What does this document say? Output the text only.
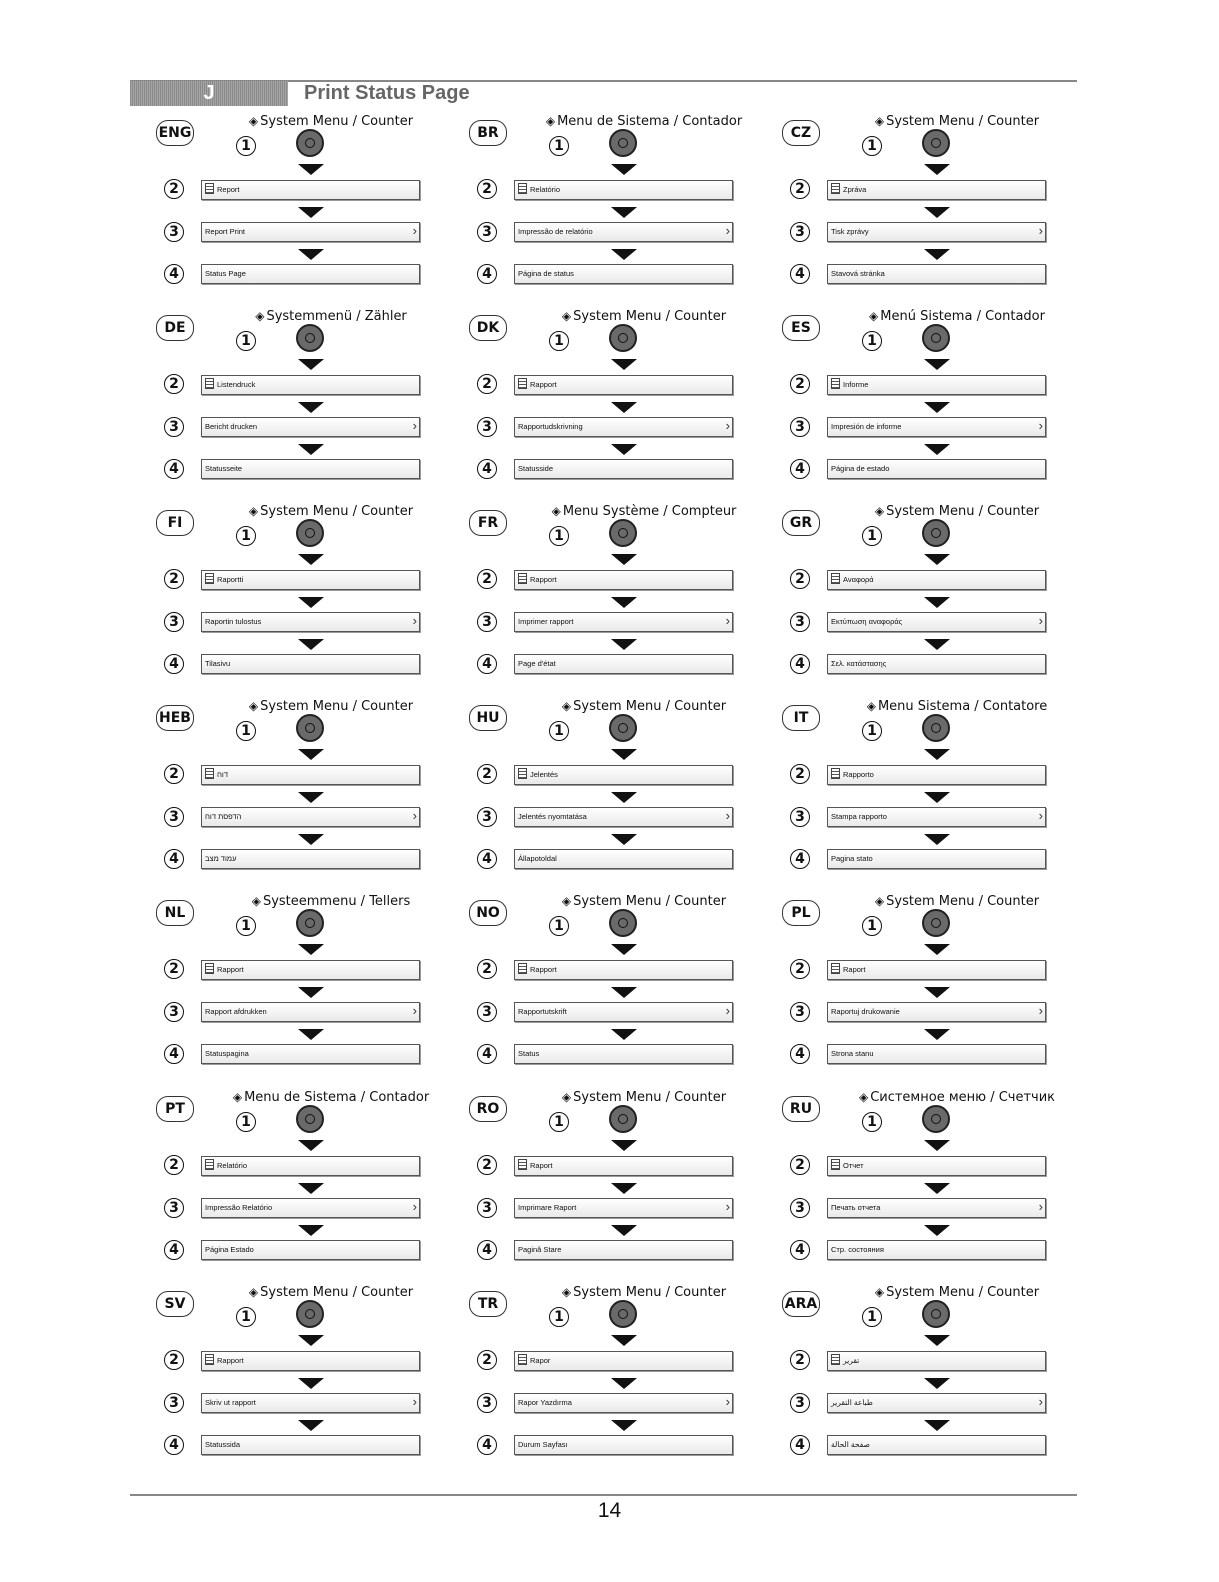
J	Print Status Page
ENG
◈ System Menu / Counter
1
2	Report
3	Report Print	›
4	Status Page
BR
◈ Menu de Sistema / Contador
1
2	Relatório
3	Impressão de relatório	›
4	Página de status
CZ
◈ System Menu / Counter
1
2	Zpráva
3	Tisk zprávy	›
4	Stavová stránka
DE
◈ Systemmenü / Zähler
1
2	Listendruck
3	Bericht drucken	›
4	Statusseite
DK
◈ System Menu / Counter
1
2	Rapport
3	Rapportudskrivning	›
4	Statusside
ES
◈ Menú Sistema / Contador
1
2	Informe
3	Impresión de informe	›
4	Página de estado
FI
◈ System Menu / Counter
1
2	Raportti
3	Raportin tulostus	›
4	Tilasivu
FR
◈ Menu Système / Compteur
1
2	Rapport
3	Imprimer rapport	›
4	Page d'état
GR
◈ System Menu / Counter
1
2	Αναφορά
3	Εκτύπωση αναφοράς	›
4	Σελ. κατάστασης
HEB
◈ System Menu / Counter
1
2	דוח
3	הדפסת דוח	›
4	עמוד מצב
HU
◈ System Menu / Counter
1
2	Jelentés
3	Jelentés nyomtatása	›
4	Állapotoldal
IT
◈ Menu Sistema / Contatore
1
2	Rapporto
3	Stampa rapporto	›
4	Pagina stato
NL
◈ Systeemmenu / Tellers
1
2	Rapport
3	Rapport afdrukken	›
4	Statuspagina
NO
◈ System Menu / Counter
1
2	Rapport
3	Rapportutskrift	›
4	Status
PL
◈ System Menu / Counter
1
2	Raport
3	Raportuj drukowanie	›
4	Strona stanu
PT
◈ Menu de Sistema / Contador
1
2	Relatório
3	Impressão Relatório	›
4	Página Estado
RO
◈ System Menu / Counter
1
2	Raport
3	Imprimare Raport	›
4	Pagină Stare
RU
◈ Системное меню / Счетчик
1
2	Отчет
3	Печать отчета	›
4	Стр. состояния
SV
◈ System Menu / Counter
1
2	Rapport
3	Skriv ut rapport	›
4	Statussida
TR
◈ System Menu / Counter
1
2	Rapor
3	Rapor Yazdırma	›
4	Durum Sayfası
ARA
◈ System Menu / Counter
1
2	تقرير
3	طباعة التقرير	›
4	صفحة الحالة
14
